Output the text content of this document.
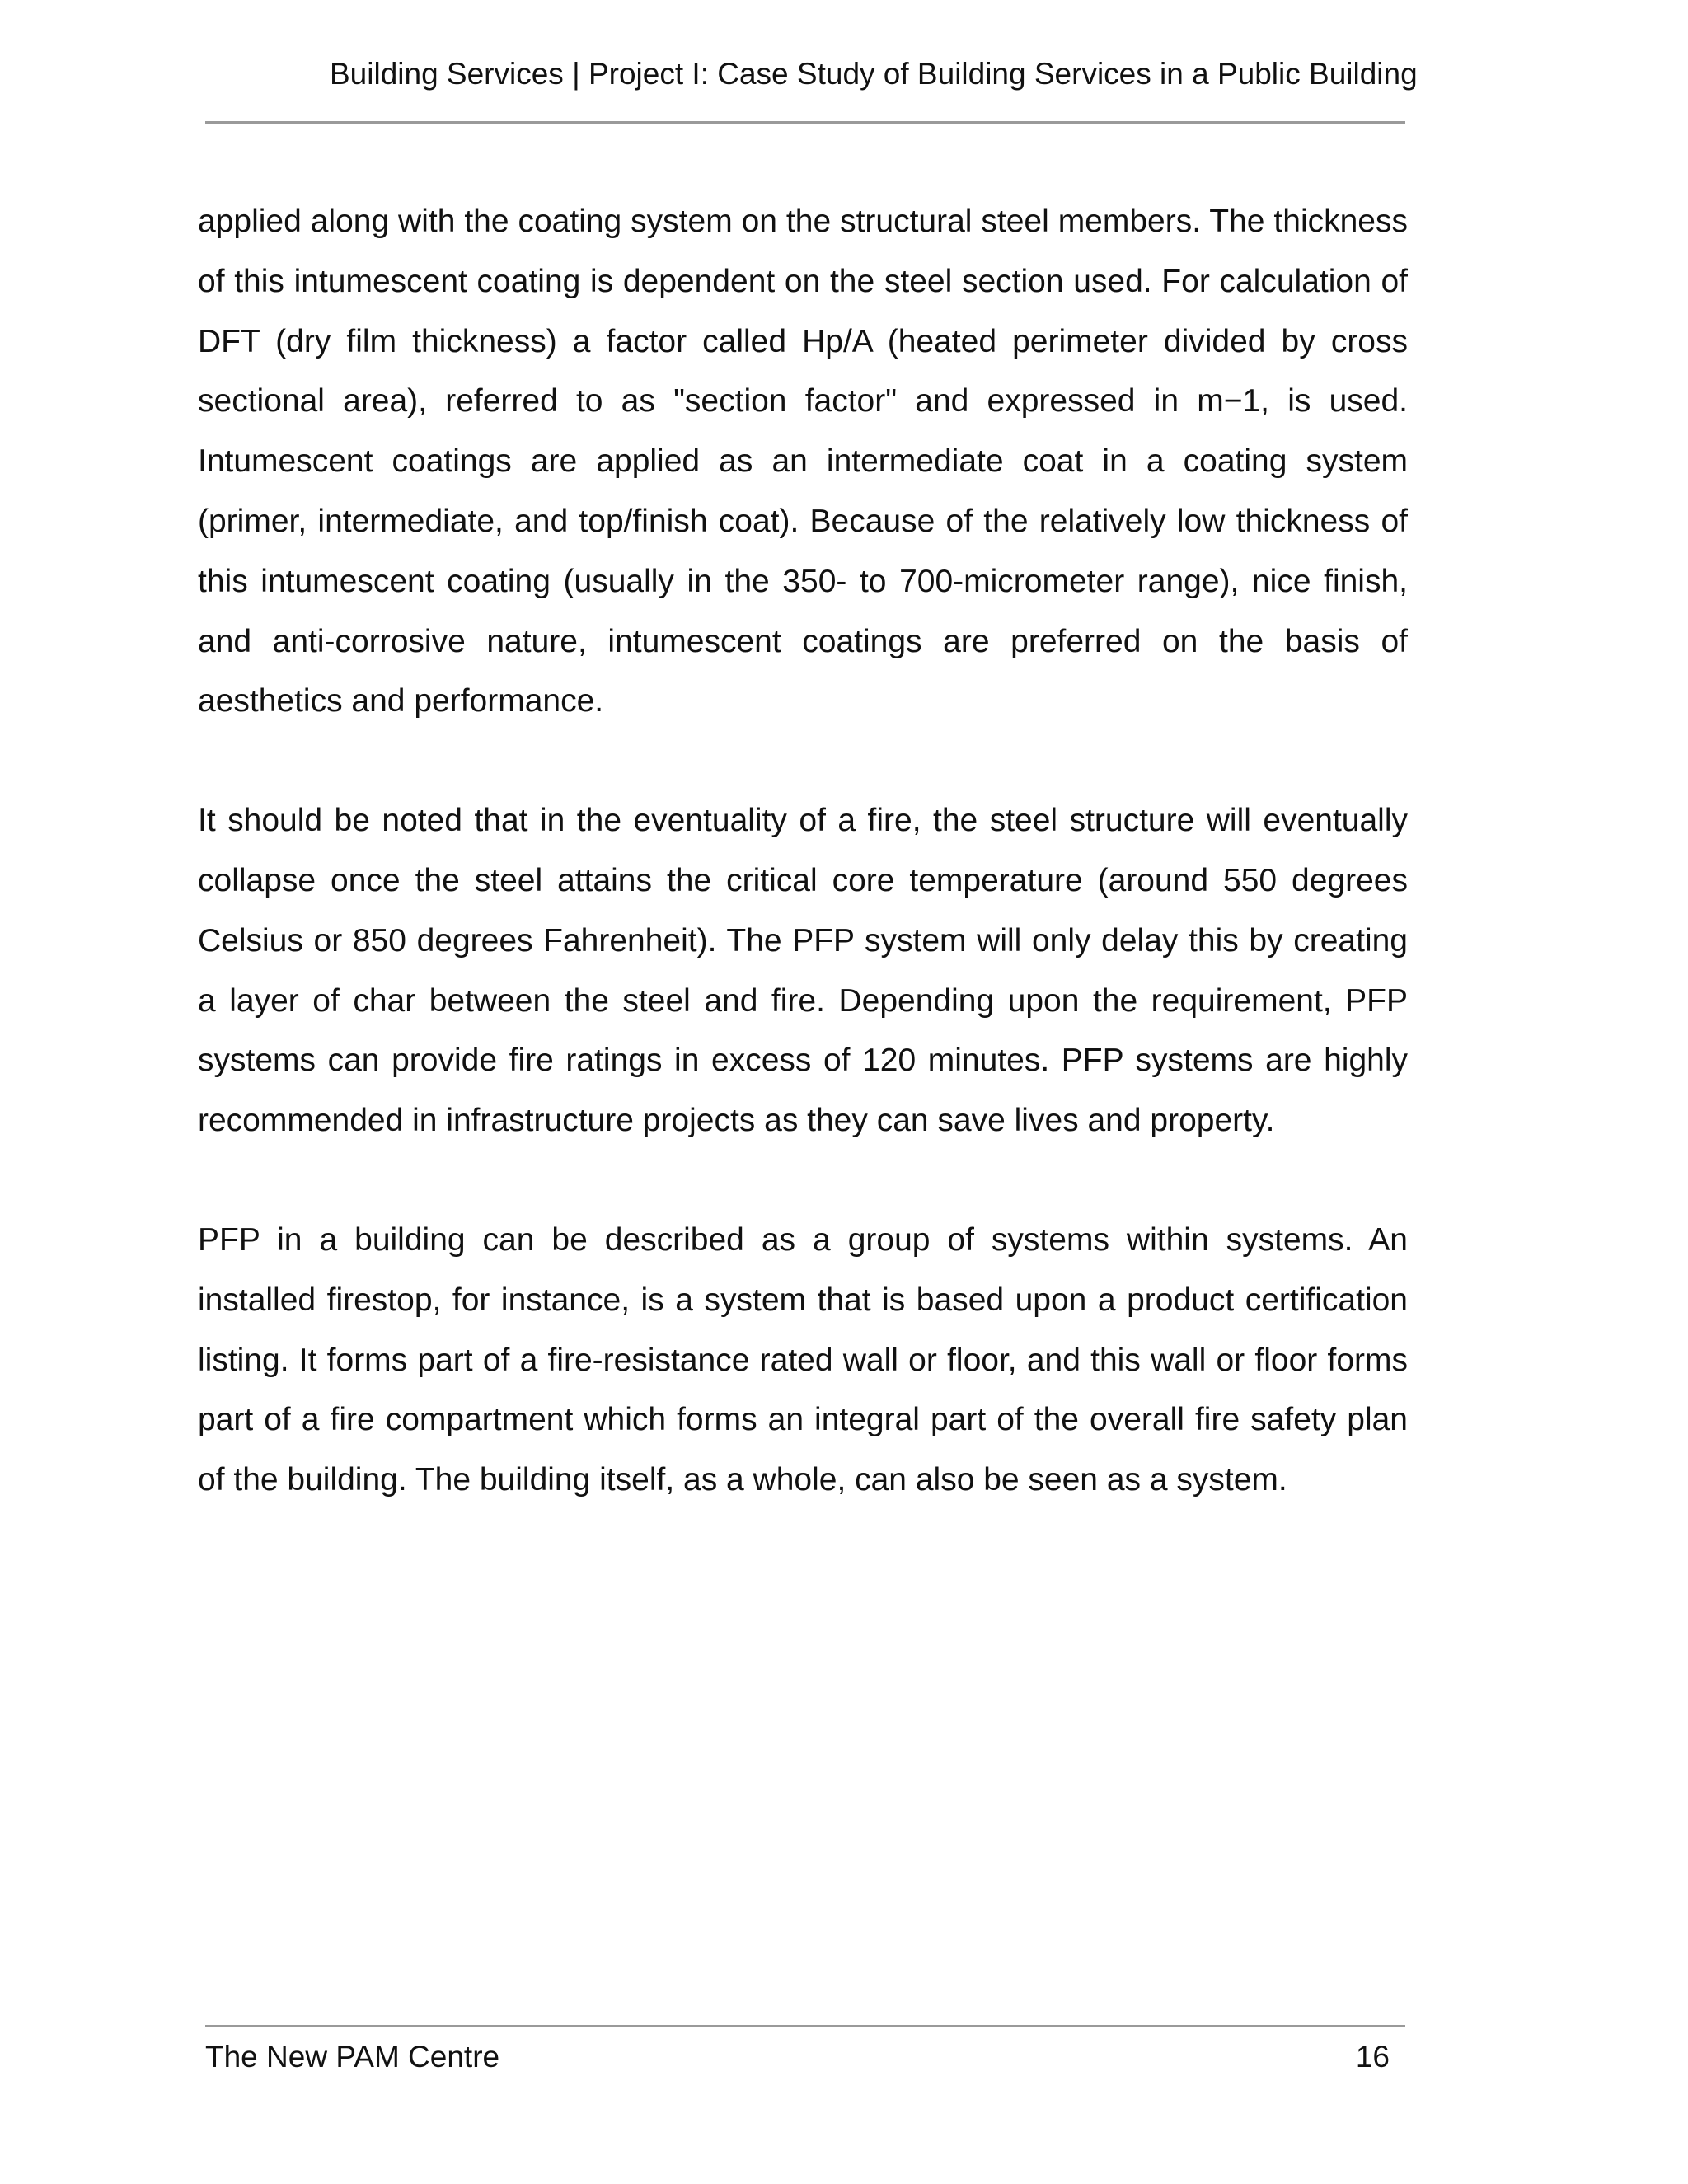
Building Services | Project I: Case Study of Building Services in a Public Building

applied along with the coating system on the structural steel members. The thickness of this intumescent coating is dependent on the steel section used. For calculation of DFT (dry film thickness) a factor called Hp/A (heated perimeter divided by cross sectional area), referred to as "section factor" and expressed in m−1, is used. Intumescent coatings are applied as an intermediate coat in a coating system (primer, intermediate, and top/finish coat). Because of the relatively low thickness of this intumescent coating (usually in the 350- to 700-micrometer range), nice finish, and anti-corrosive nature, intumescent coatings are preferred on the basis of aesthetics and performance.

It should be noted that in the eventuality of a fire, the steel structure will eventually collapse once the steel attains the critical core temperature (around 550 degrees Celsius or 850 degrees Fahrenheit). The PFP system will only delay this by creating a layer of char between the steel and fire. Depending upon the requirement, PFP systems can provide fire ratings in excess of 120 minutes. PFP systems are highly recommended in infrastructure projects as they can save lives and property.

PFP in a building can be described as a group of systems within systems. An installed firestop, for instance, is a system that is based upon a product certification listing. It forms part of a fire-resistance rated wall or floor, and this wall or floor forms part of a fire compartment which forms an integral part of the overall fire safety plan of the building. The building itself, as a whole, can also be seen as a system.

The New PAM Centre	16
